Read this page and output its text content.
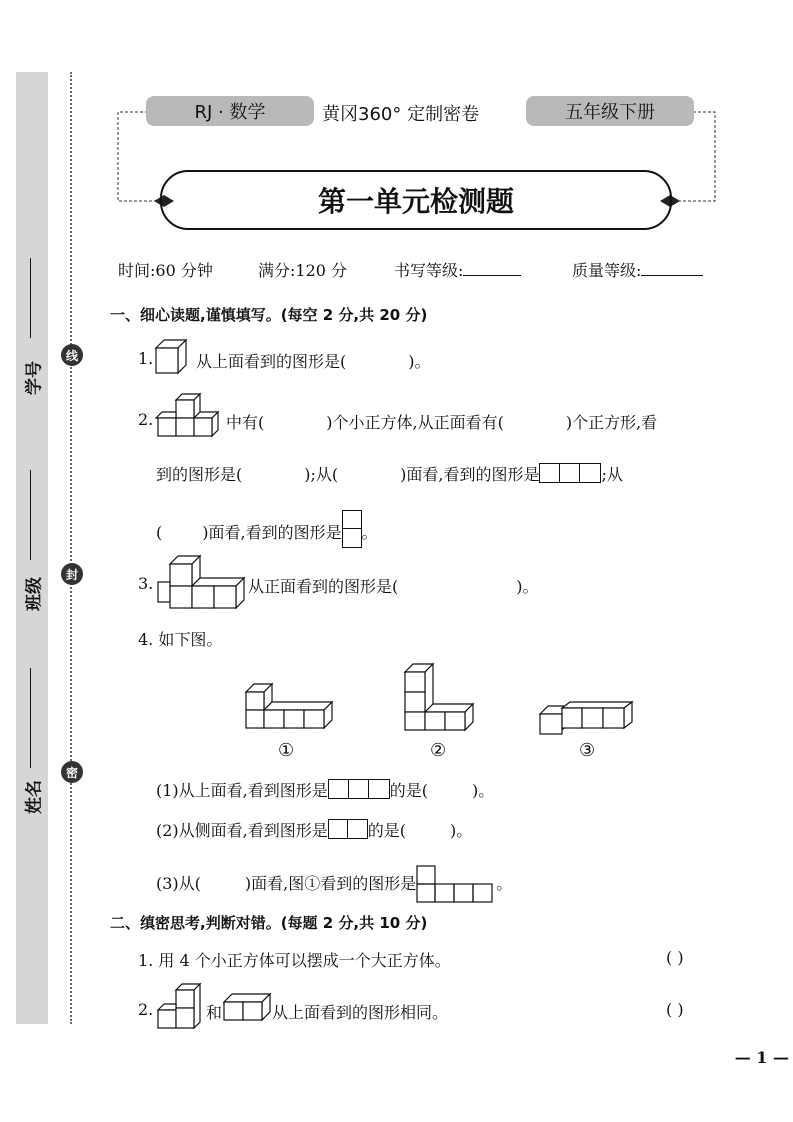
学号
班级
姓名
线
封
密
RJ · 数学	黄冈360° 定制密卷	五年级下册
第一单元检测题
时间:60 分钟	满分:120 分	书写等级:	质量等级:
一、细心读题,谨慎填写。(每空 2 分,共 20 分)
1.	从上面看到的图形是(	)。
2.	中有(	)个小正方体,从正面看有(	)个正方形,看
到的图形是(	);从(	)面看,看到的图形是	;从
(	)面看,看到的图形是 。
3.	从正面看到的图形是(	)。
4. 如下图。
①	②	③
(1)从上面看,看到图形是	的是(	)。
(2)从侧面看,看到图形是	的是(	)。
(3)从(	)面看,图①看到的图形是	。
二、缜密思考,判断对错。(每题 2 分,共 10 分)
1. 用 4 个小正方体可以摆成一个大正方体。	( )
2.	和	从上面看到的图形相同。	( )
— 1 —
